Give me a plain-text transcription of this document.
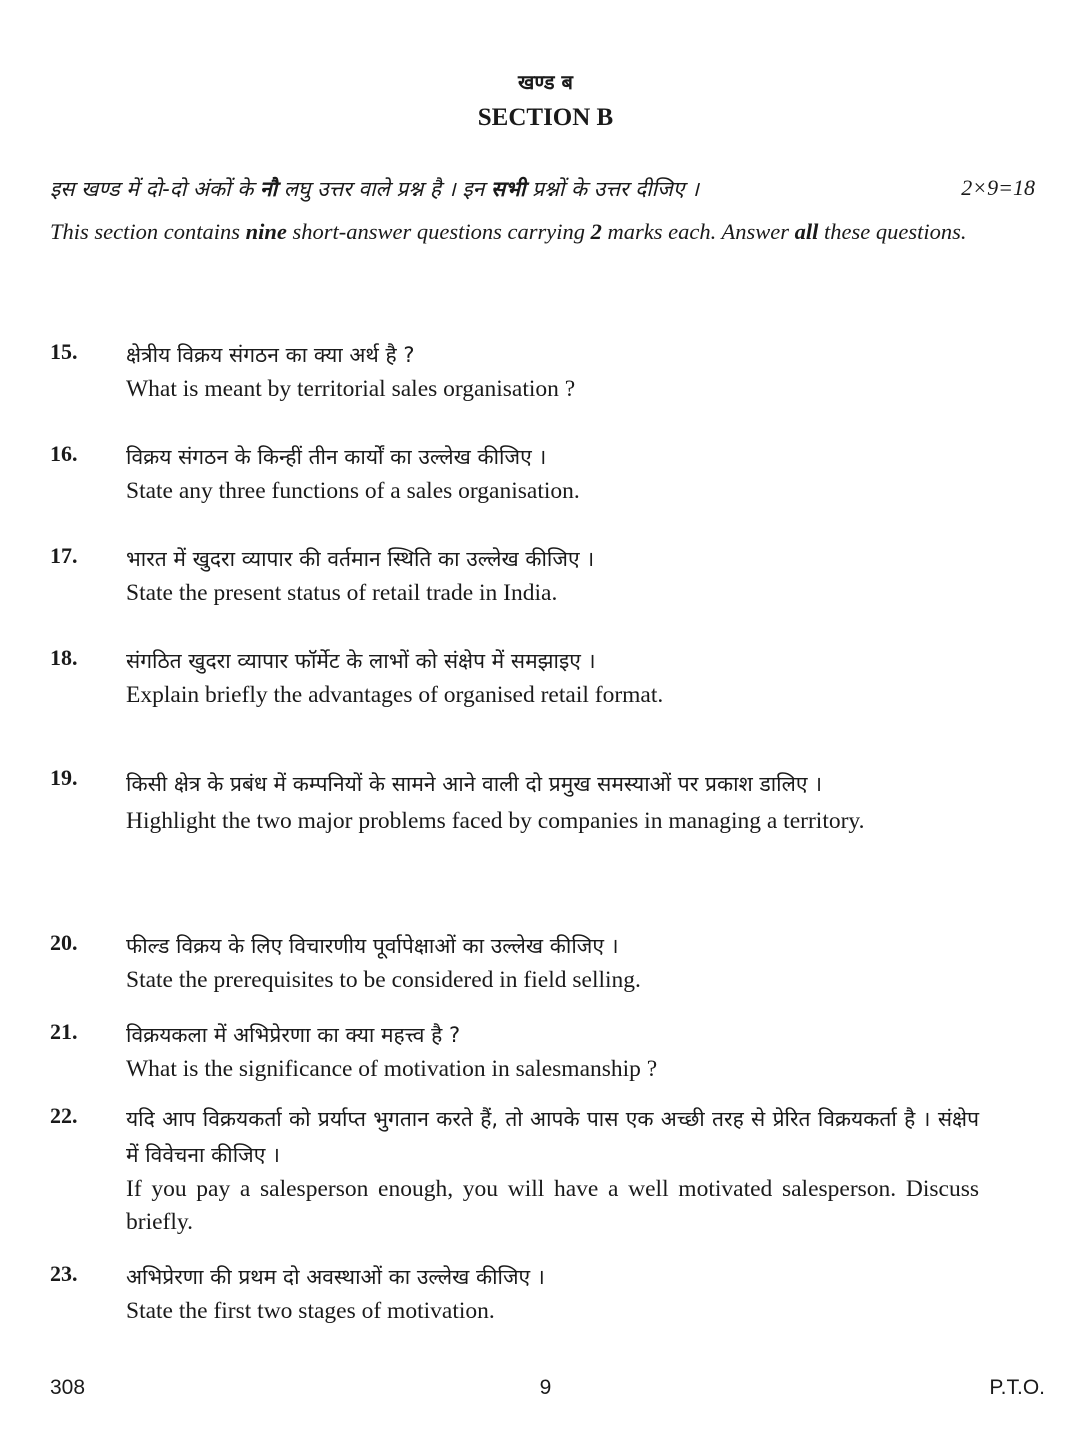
खण्ड ब
SECTION B
इस खण्ड में दो-दो अंकों के नौ लघु उत्तर वाले प्रश्न है । इन सभी प्रश्नों के उत्तर दीजिए ।	2×9=18
This section contains nine short-answer questions carrying 2 marks each. Answer all these questions.
15. क्षेत्रीय विक्रय संगठन का क्या अर्थ है ?
What is meant by territorial sales organisation ?
16. विक्रय संगठन के किन्हीं तीन कार्यों का उल्लेख कीजिए ।
State any three functions of a sales organisation.
17. भारत में खुदरा व्यापार की वर्तमान स्थिति का उल्लेख कीजिए ।
State the present status of retail trade in India.
18. संगठित खुदरा व्यापार फॉर्मेट के लाभों को संक्षेप में समझाइए ।
Explain briefly the advantages of organised retail format.
19. किसी क्षेत्र के प्रबंध में कम्पनियों के सामने आने वाली दो प्रमुख समस्याओं पर प्रकाश डालिए ।
Highlight the two major problems faced by companies in managing a territory.
20. फील्ड विक्रय के लिए विचारणीय पूर्वापेक्षाओं का उल्लेख कीजिए ।
State the prerequisites to be considered in field selling.
21. विक्रयकला में अभिप्रेरणा का क्या महत्त्व है ?
What is the significance of motivation in salesmanship ?
22. यदि आप विक्रयकर्ता को प्रर्याप्त भुगतान करते हैं, तो आपके पास एक अच्छी तरह से प्रेरित विक्रयकर्ता है । संक्षेप में विवेचना कीजिए ।
If you pay a salesperson enough, you will have a well motivated salesperson. Discuss briefly.
23. अभिप्रेरणा की प्रथम दो अवस्थाओं का उल्लेख कीजिए ।
State the first two stages of motivation.
308	9	P.T.O.
